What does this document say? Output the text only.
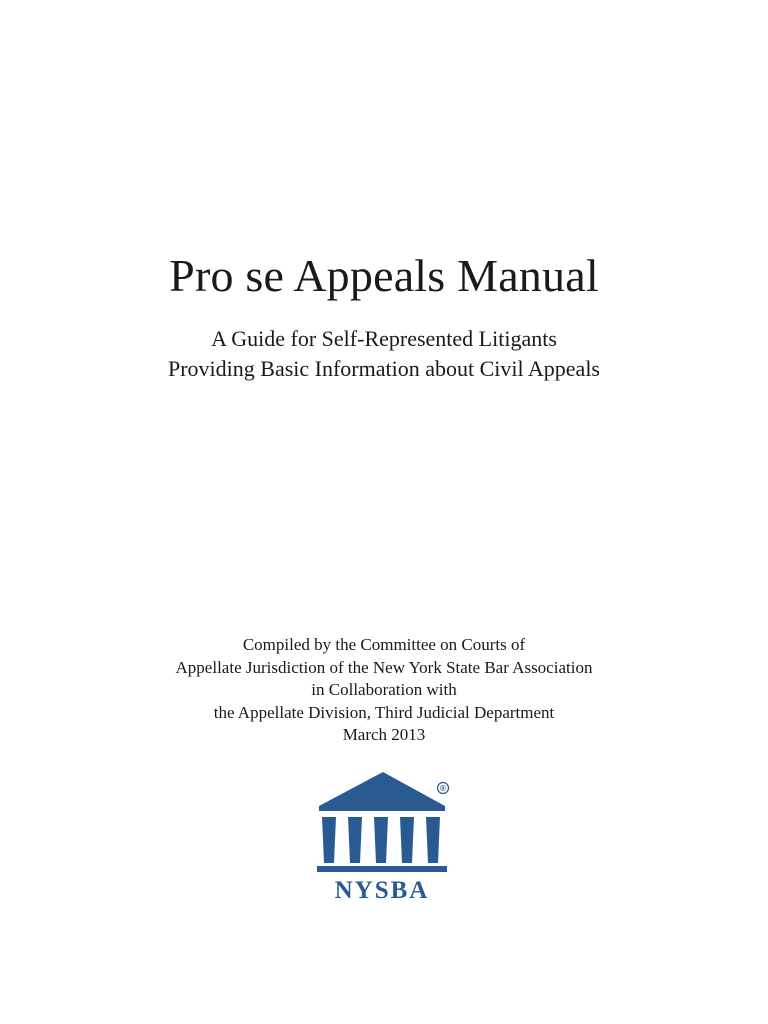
Pro se Appeals Manual
A Guide for Self-Represented Litigants
Providing Basic Information about Civil Appeals
Compiled by the Committee on Courts of
Appellate Jurisdiction of the New York State Bar Association
in Collaboration with
the Appellate Division, Third Judicial Department
March 2013
®
NYSBA
